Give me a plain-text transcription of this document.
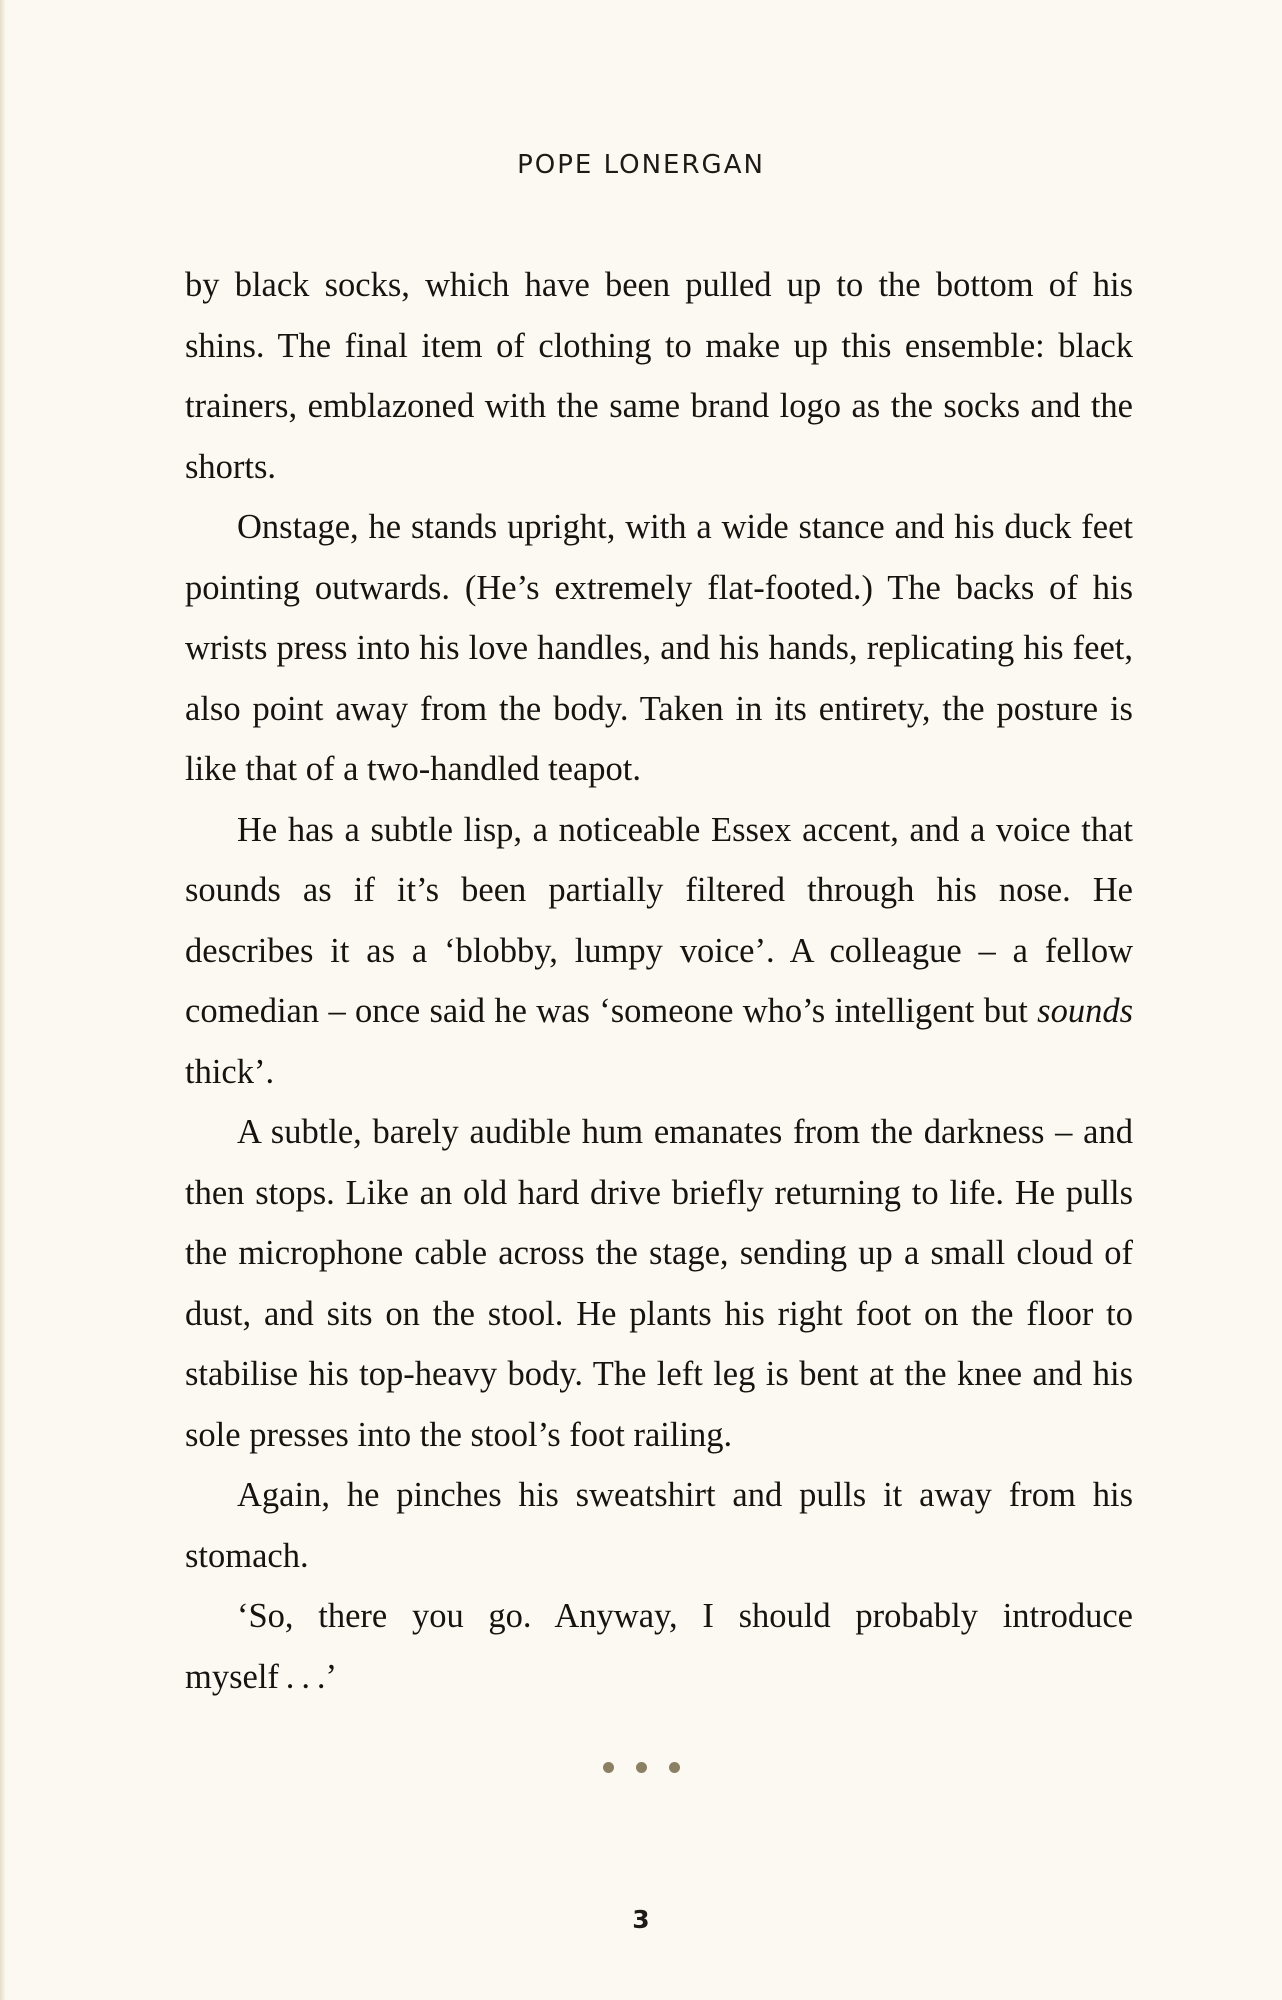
POPE LONERGAN

by black socks, which have been pulled up to the bottom of his shins. The final item of clothing to make up this ensemble: black trainers, emblazoned with the same brand logo as the socks and the shorts.

Onstage, he stands upright, with a wide stance and his duck feet pointing outwards. (He’s extremely flat-footed.) The backs of his wrists press into his love handles, and his hands, replicating his feet, also point away from the body. Taken in its entirety, the posture is like that of a two-handled teapot.

He has a subtle lisp, a noticeable Essex accent, and a voice that sounds as if it’s been partially filtered through his nose. He describes it as a ‘blobby, lumpy voice’. A colleague – a fellow comedian – once said he was ‘someone who’s intelligent but sounds thick’.

A subtle, barely audible hum emanates from the darkness – and then stops. Like an old hard drive briefly returning to life. He pulls the microphone cable across the stage, sending up a small cloud of dust, and sits on the stool. He plants his right foot on the floor to stabilise his top-heavy body. The left leg is bent at the knee and his sole presses into the stool’s foot railing.

Again, he pinches his sweatshirt and pulls it away from his stomach.

‘So, there you go. Anyway, I should probably introduce myself . . .’

3
